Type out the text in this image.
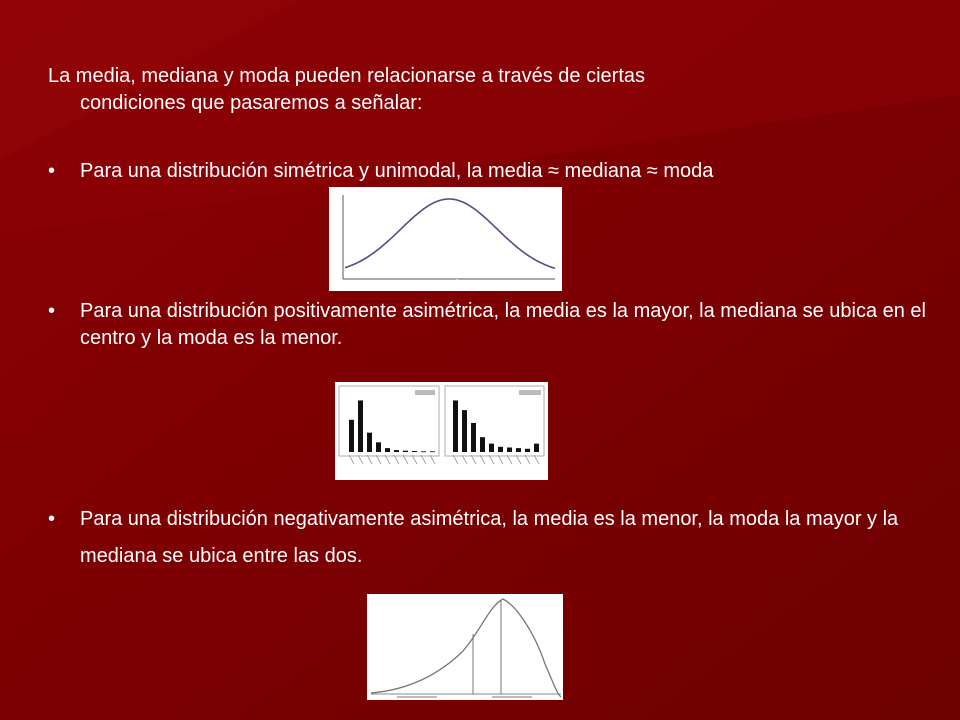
La media, mediana y moda pueden relacionarse a través de ciertas
condiciones que pasaremos a señalar:
•	Para una distribución simétrica y unimodal, la media ≈ mediana ≈ moda
•	Para una distribución positivamente asimétrica, la media es la mayor, la mediana se ubica en el centro y la moda es la menor.
•	Para una distribución negativamente asimétrica, la media es la menor, la moda la mayor y la mediana se ubica entre las dos.
